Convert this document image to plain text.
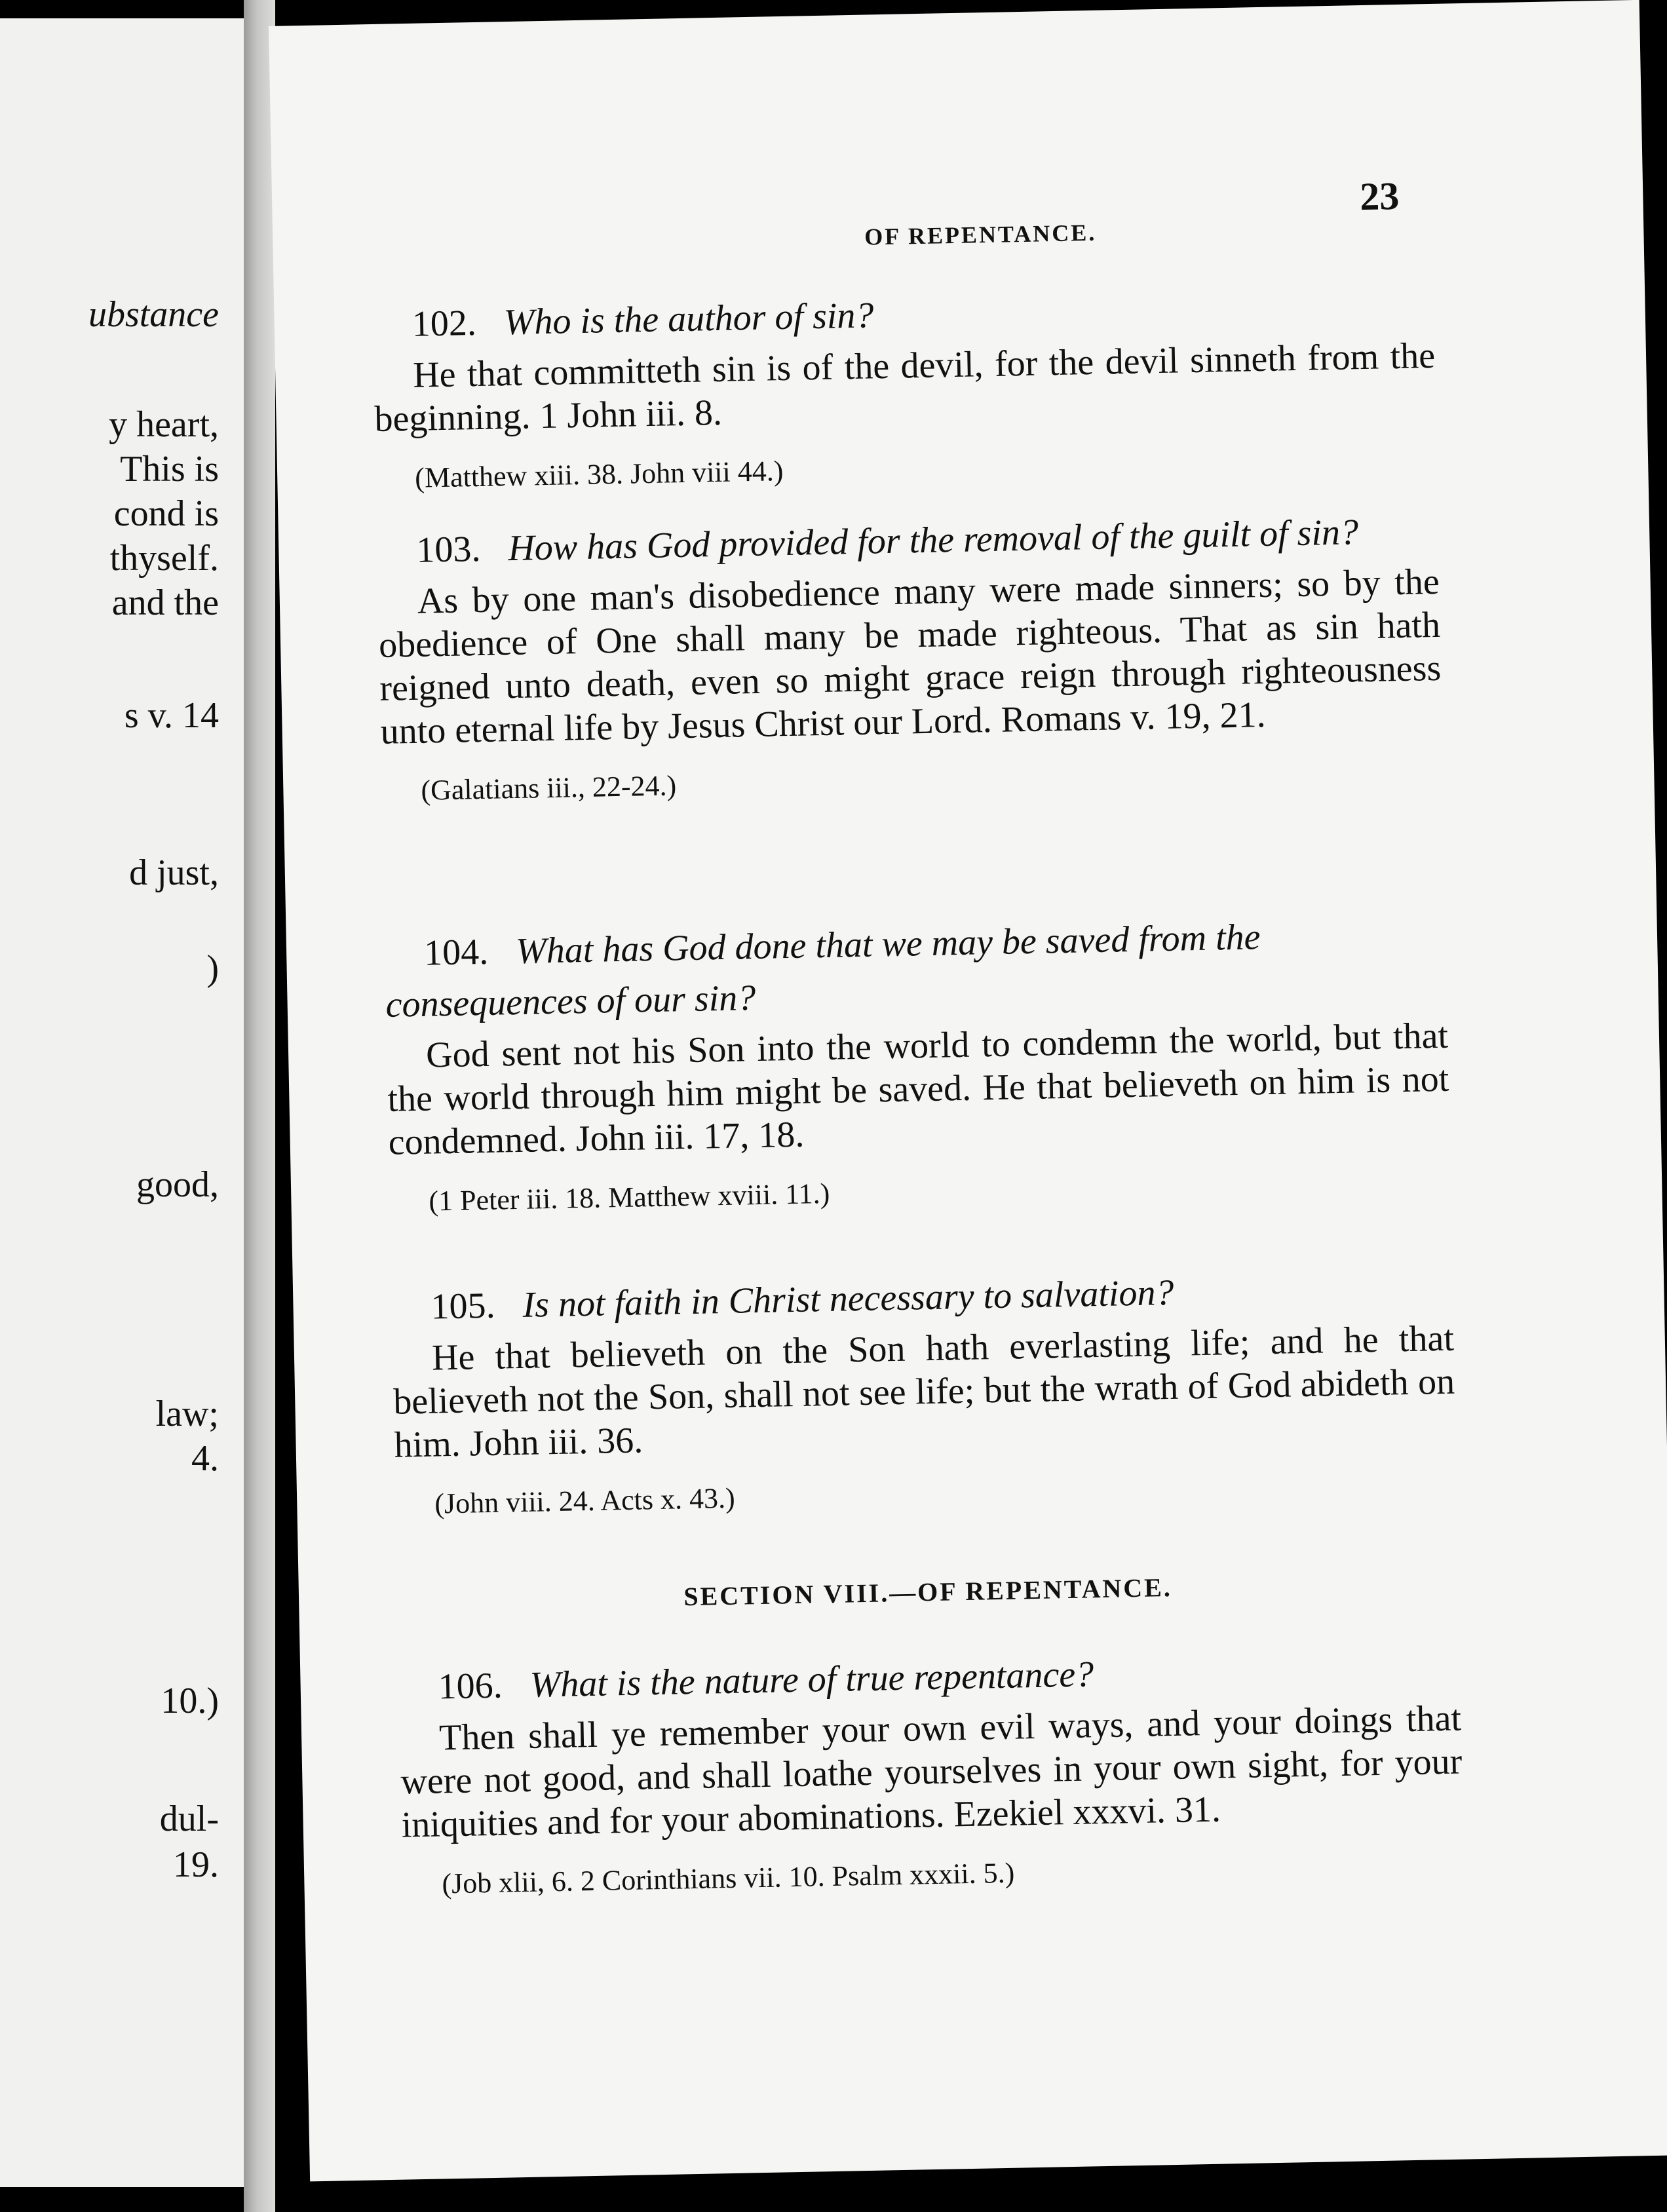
ubstance
y heart,
This is
cond is
thyself.
and the
s v. 14
d just,
)
good,
law;
4.
10.)
dul-
19.
OF REPENTANCE.
23

102. Who is the author of sin?

He that committeth sin is of the devil, for the devil sinneth from the beginning. 1 John iii. 8.

(Matthew xiii. 38. John viii 44.)

103. How has God provided for the removal of the guilt of sin?

As by one man's disobedience many were made sinners; so by the obedience of One shall many be made righteous. That as sin hath reigned unto death, even so might grace reign through righteousness unto eternal life by Jesus Christ our Lord. Romans v. 19, 21.

(Galatians iii., 22-24.)

104. What has God done that we may be saved from the consequences of our sin?

God sent not his Son into the world to condemn the world, but that the world through him might be saved. He that believeth on him is not condemned. John iii. 17, 18.

(1 Peter iii. 18. Matthew xviii. 11.)

105. Is not faith in Christ necessary to salvation?

He that believeth on the Son hath everlasting life; and he that believeth not the Son, shall not see life; but the wrath of God abideth on him. John iii. 36.

(John viii. 24. Acts x. 43.)

SECTION VIII.—OF REPENTANCE.

106. What is the nature of true repentance?

Then shall ye remember your own evil ways, and your doings that were not good, and shall loathe yourselves in your own sight, for your iniquities and for your abominations. Ezekiel xxxvi. 31.

(Job xlii, 6. 2 Corinthians vii. 10. Psalm xxxii. 5.)
